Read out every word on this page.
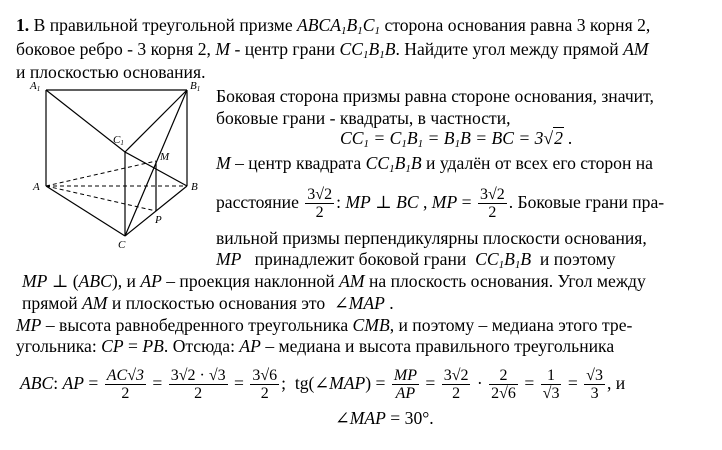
1. В правильной треугольной призме $ABCA_1B_1C_1$ сторона основания равна 3 корня 2,
боковое ребро - 3 корня 2, M - центр грани $CC_1B_1B$. Найдите угол между прямой AM
и плоскостью основания.
A1	B1
C1
M
A	B
P
C
Боковая сторона призмы равна стороне основания, значит,
боковые грани - квадраты, в частности,
$CC_1 = C_1B_1 = B_1B$ = BC = 3√2 .
M – центр квадрата $CC_1B_1B$ и удалён от всех его сторон на
расстояние $\frac{3√2}{2}$ : MP ⊥ BC , MP = $\frac{3√2}{2}$ . Боковые грани пра-
вильной призмы перпендикулярны плоскости основания,
MP принадлежит боковой грани $CC_1B_1B$ и поэтому
MP ⊥ (ABC), и AP – проекция наклонной AM на плоскость основания. Угол между
прямой AM и плоскостью основания это  ∠MAP .
MP – высота равнобедренного треугольника CMB, и поэтому – медиана этого тре-
угольника: CP = PB. Отсюда: AP – медиана и высота правильного треугольника
ABC: AP = $\frac{AC√3}{2} = \frac{3√2 \cdot √3}{2} = \frac{3√6}{2}$ ;  tg(∠MAP) = $\frac{MP}{AP} = \frac{3√2}{2} \cdot \frac{2}{2√6} = \frac{1}{√3} = \frac{√3}{3}$ , и
∠MAP = 30°.
